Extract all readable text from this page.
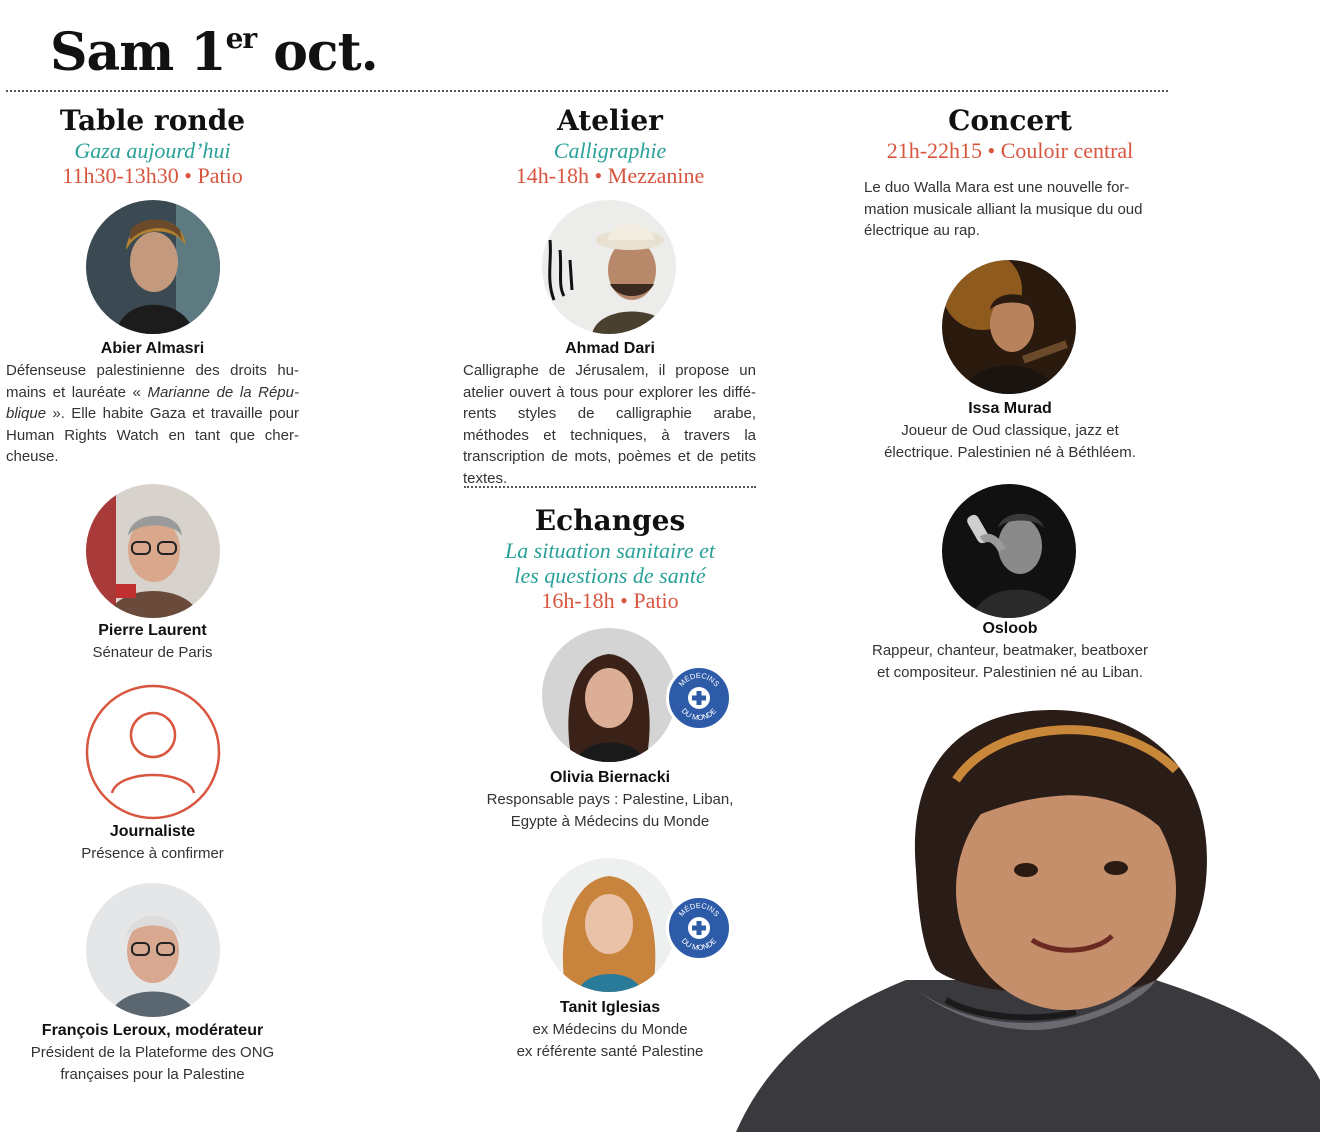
Sam 1er oct.
Table ronde
Gaza aujourd’hui
11h30-13h30 • Patio
Abier Almasri
Défenseuse palestinienne des droits hu-mains et lauréate « Marianne de la Répu-blique ». Elle habite Gaza et travaille pour Human Rights Watch en tant que cher-cheuse.
Pierre Laurent
Sénateur de Paris
Journaliste
Présence à confirmer
François Leroux, modérateur
Président de la Plateforme des ONG françaises pour la Palestine
Atelier
Calligraphie
14h-18h • Mezzanine
Ahmad Dari
Calligraphe de Jérusalem, il propose un atelier ouvert à tous pour explorer les diffé-rents styles de calligraphie arabe, méthodes et techniques, à travers la transcription de mots, poèmes et de petits textes.
Echanges
La situation sanitaire et
les questions de santé
16h-18h • Patio
MÉDECINS
DU MONDE
Olivia Biernacki
Responsable pays : Palestine, Liban,
Egypte à Médecins du Monde
MÉDECINS
DU MONDE
Tanit Iglesias
ex Médecins du Monde
ex référente santé Palestine
Concert
21h-22h15 • Couloir central
Le duo Walla Mara est une nouvelle for-mation musicale alliant la musique du oud électrique au rap.
Issa Murad
Joueur de Oud classique, jazz et
électrique. Palestinien né à Béthléem.
Osloob
Rappeur, chanteur, beatmaker, beatboxer
et compositeur. Palestinien né au Liban.
